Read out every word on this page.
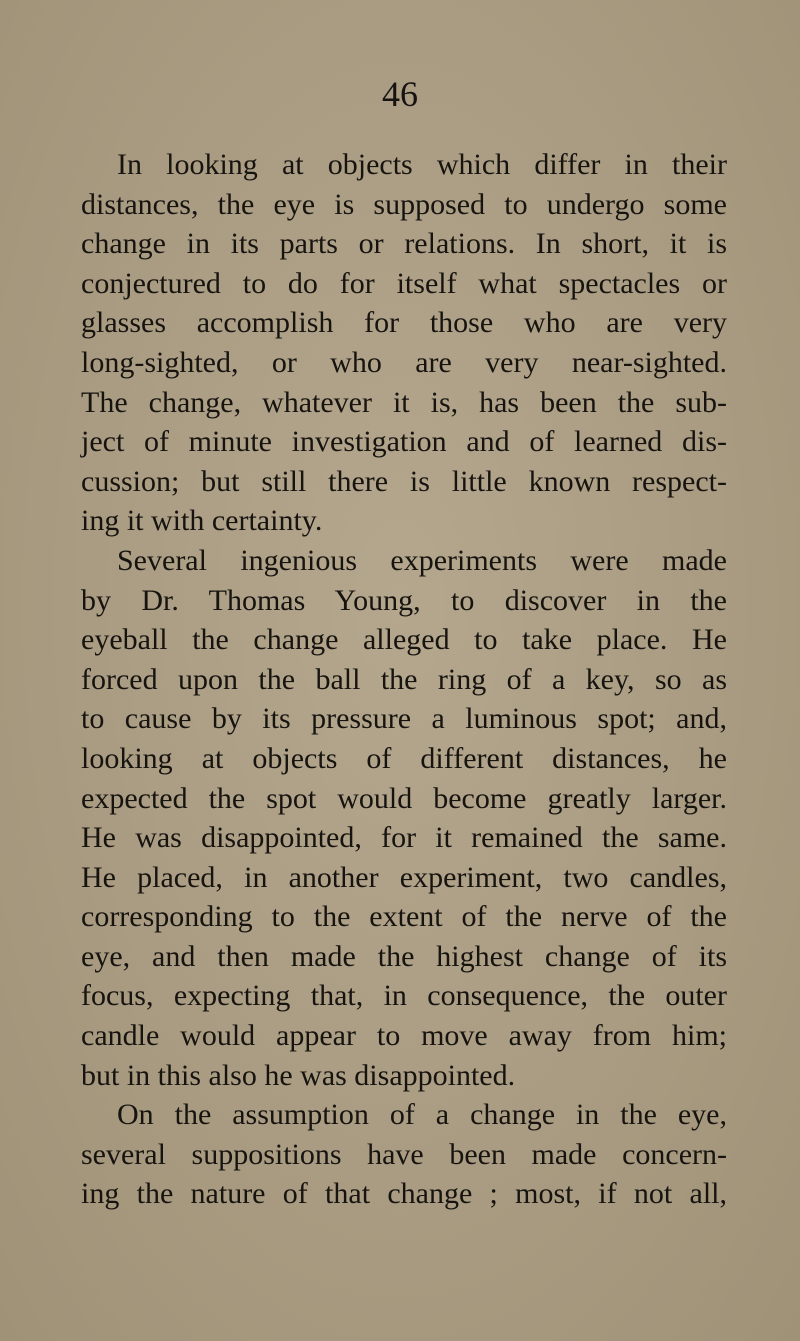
46
In looking at objects which differ in their
distances, the eye is supposed to undergo some
change in its parts or relations. In short, it is
conjectured to do for itself what spectacles or
glasses accomplish for those who are very
long-sighted, or who are very near-sighted.
The change, whatever it is, has been the sub-
ject of minute investigation and of learned dis-
cussion; but still there is little known respect-
ing it with certainty.
Several ingenious experiments were made
by Dr. Thomas Young, to discover in the
eyeball the change alleged to take place. He
forced upon the ball the ring of a key, so as
to cause by its pressure a luminous spot; and,
looking at objects of different distances, he
expected the spot would become greatly larger.
He was disappointed, for it remained the same.
He placed, in another experiment, two candles,
corresponding to the extent of the nerve of the
eye, and then made the highest change of its
focus, expecting that, in consequence, the outer
candle would appear to move away from him;
but in this also he was disappointed.
On the assumption of a change in the eye,
several suppositions have been made concern-
ing the nature of that change ; most, if not all,
